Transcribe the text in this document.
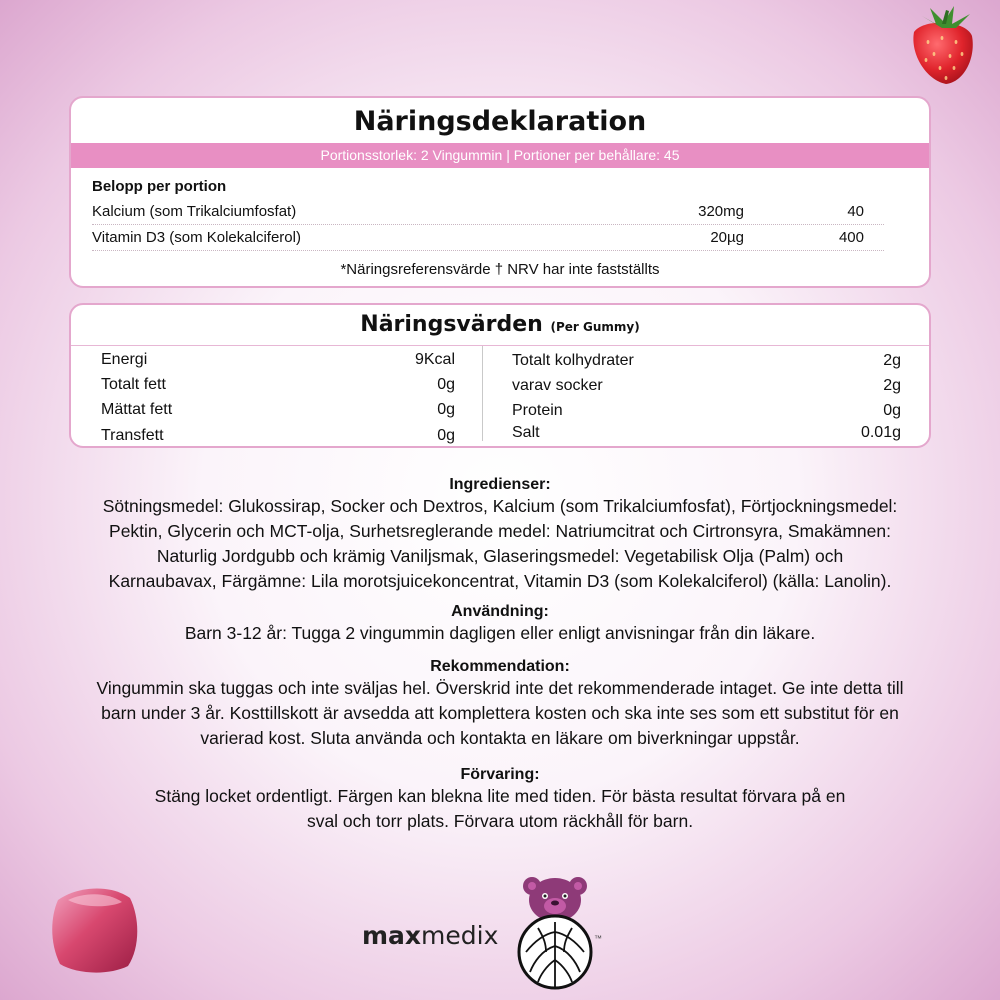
Näringsdeklaration
Portionsstorlek: 2 Vingummin | Portioner per behållare: 45
Belopp per portion
Kalcium (som Trikalciumfosfat)	320mg	40
Vitamin D3 (som Kolekalciferol)	20µg	400
*Näringsreferensvärde † NRV har inte fastställts
Näringsvärden (Per Gummy)
Energi	9Kcal
Totalt fett	0g
Mättat fett	0g
Transfett	0g
Totalt kolhydrater	2g
varav socker	2g
Protein	0g
Salt	0.01g
Ingredienser:

Sötningsmedel: Glukossirap, Socker och Dextros, Kalcium (som Trikalciumfosfat), Förtjockningsmedel:

Pektin, Glycerin och MCT-olja, Surhetsreglerande medel: Natriumcitrat och Cirtronsyra, Smakämnen:

Naturlig Jordgubb och krämig Vaniljsmak, Glaseringsmedel: Vegetabilisk Olja (Palm) och

Karnaubavax, Färgämne: Lila morotsjuicekoncentrat, Vitamin D3 (som Kolekalciferol) (källa: Lanolin).

Användning:

Barn 3-12 år: Tugga 2 vingummin dagligen eller enligt anvisningar från din läkare.

Rekommendation:

Vingummin ska tuggas och inte sväljas hel. Överskrid inte det rekommenderade intaget. Ge inte detta till

barn under 3 år. Kosttillskott är avsedda att komplettera kosten och ska inte ses som ett substitut för en

varierad kost. Sluta använda och kontakta en läkare om biverkningar uppstår.

Förvaring:

Stäng locket ordentligt. Färgen kan blekna lite med tiden. För bästa resultat förvara på en

sval och torr plats. Förvara utom räckhåll för barn.

maxmedix	™
